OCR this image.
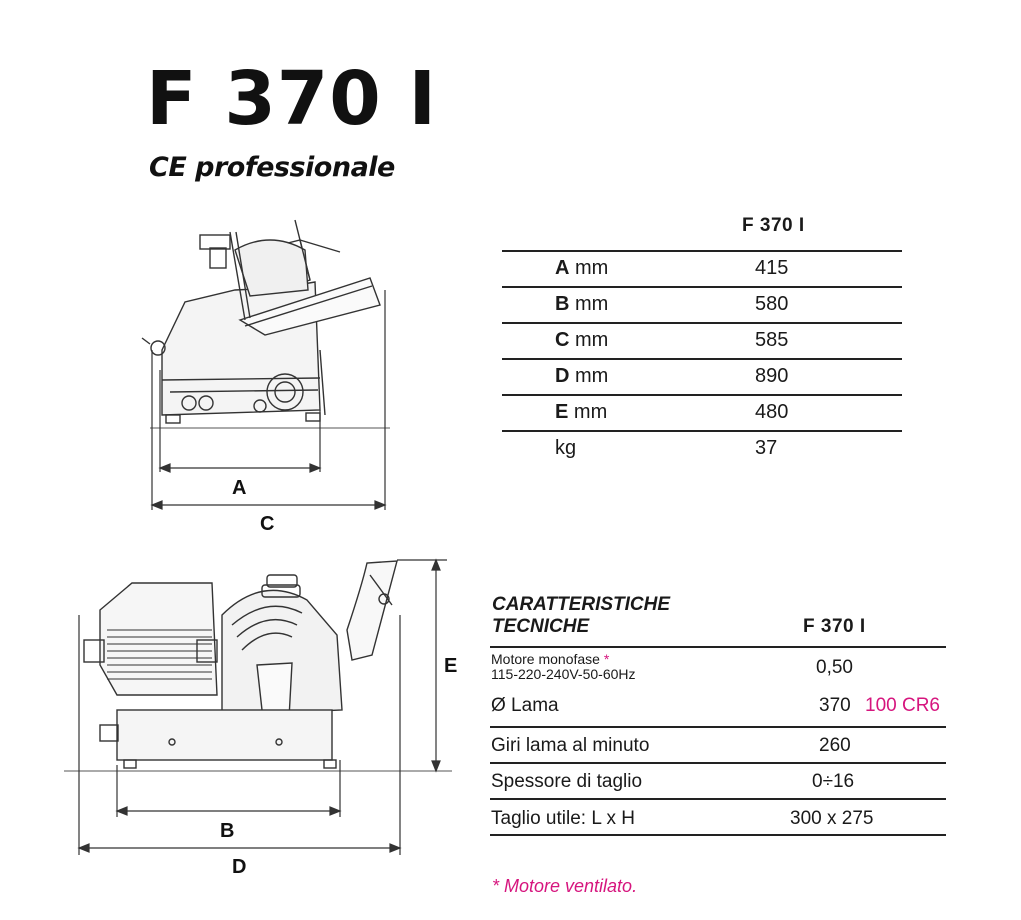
F 370 I
CE professionale
A
C
B
D
E
F 370 I
A mm	415
B mm	580
C mm	585
D mm	890
E mm	480
kg	37
CARATTERISTICHE
TECNICHE	F 370 I
Motore monofase *
115-220-240V-50-60Hz	0,50
Ø Lama	370 100 CR6
Giri lama al minuto	260
Spessore di taglio	0÷16
Taglio utile: L x H	300 x 275
* Motore ventilato.
